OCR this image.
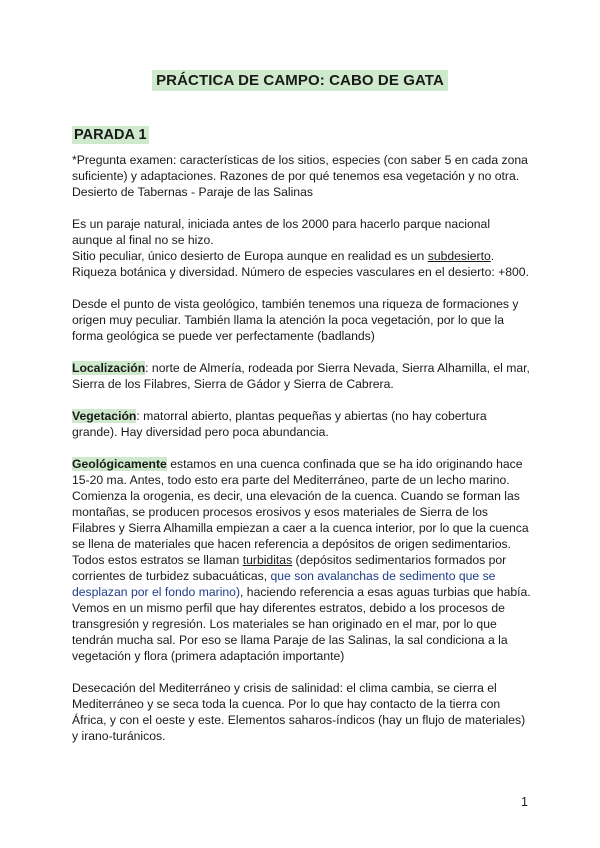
PRÁCTICA DE CAMPO: CABO DE GATA
PARADA 1

*Pregunta examen: características de los sitios, especies (con saber 5 en cada zona suficiente) y adaptaciones. Razones de por qué tenemos esa vegetación y no otra.

Desierto de Tabernas - Paraje de las Salinas

Es un paraje natural, iniciada antes de los 2000 para hacerlo parque nacional aunque al final no se hizo.

Sitio peculiar, único desierto de Europa aunque en realidad es un subdesierto.

Riqueza botánica y diversidad. Número de especies vasculares en el desierto: +800.

Desde el punto de vista geológico, también tenemos una riqueza de formaciones y origen muy peculiar. También llama la atención la poca vegetación, por lo que la forma geológica se puede ver perfectamente (badlands)

Localización: norte de Almería, rodeada por Sierra Nevada, Sierra Alhamilla, el mar, Sierra de los Filabres, Sierra de Gádor y Sierra de Cabrera.

Vegetación: matorral abierto, plantas pequeñas y abiertas (no hay cobertura grande). Hay diversidad pero poca abundancia.

Geológicamente estamos en una cuenca confinada que se ha ido originando hace 15-20 ma. Antes, todo esto era parte del Mediterráneo, parte de un lecho marino. Comienza la orogenia, es decir, una elevación de la cuenca. Cuando se forman las montañas, se producen procesos erosivos y esos materiales de Sierra de los Filabres y Sierra Alhamilla empiezan a caer a la cuenca interior, por lo que la cuenca se llena de materiales que hacen referencia a depósitos de origen sedimentarios.

Todos estos estratos se llaman turbiditas (depósitos sedimentarios formados por corrientes de turbidez subacuáticas, que son avalanchas de sedimento que se desplazan por el fondo marino), haciendo referencia a esas aguas turbias que había.

Vemos en un mismo perfil que hay diferentes estratos, debido a los procesos de transgresión y regresión. Los materiales se han originado en el mar, por lo que tendrán mucha sal. Por eso se llama Paraje de las Salinas, la sal condiciona a la vegetación y flora (primera adaptación importante)

Desecación del Mediterráneo y crisis de salinidad: el clima cambia, se cierra el Mediterráneo y se seca toda la cuenca. Por lo que hay contacto de la tierra con África, y con el oeste y este. Elementos saharos-índicos (hay un flujo de materiales) y irano-turánicos.

1
